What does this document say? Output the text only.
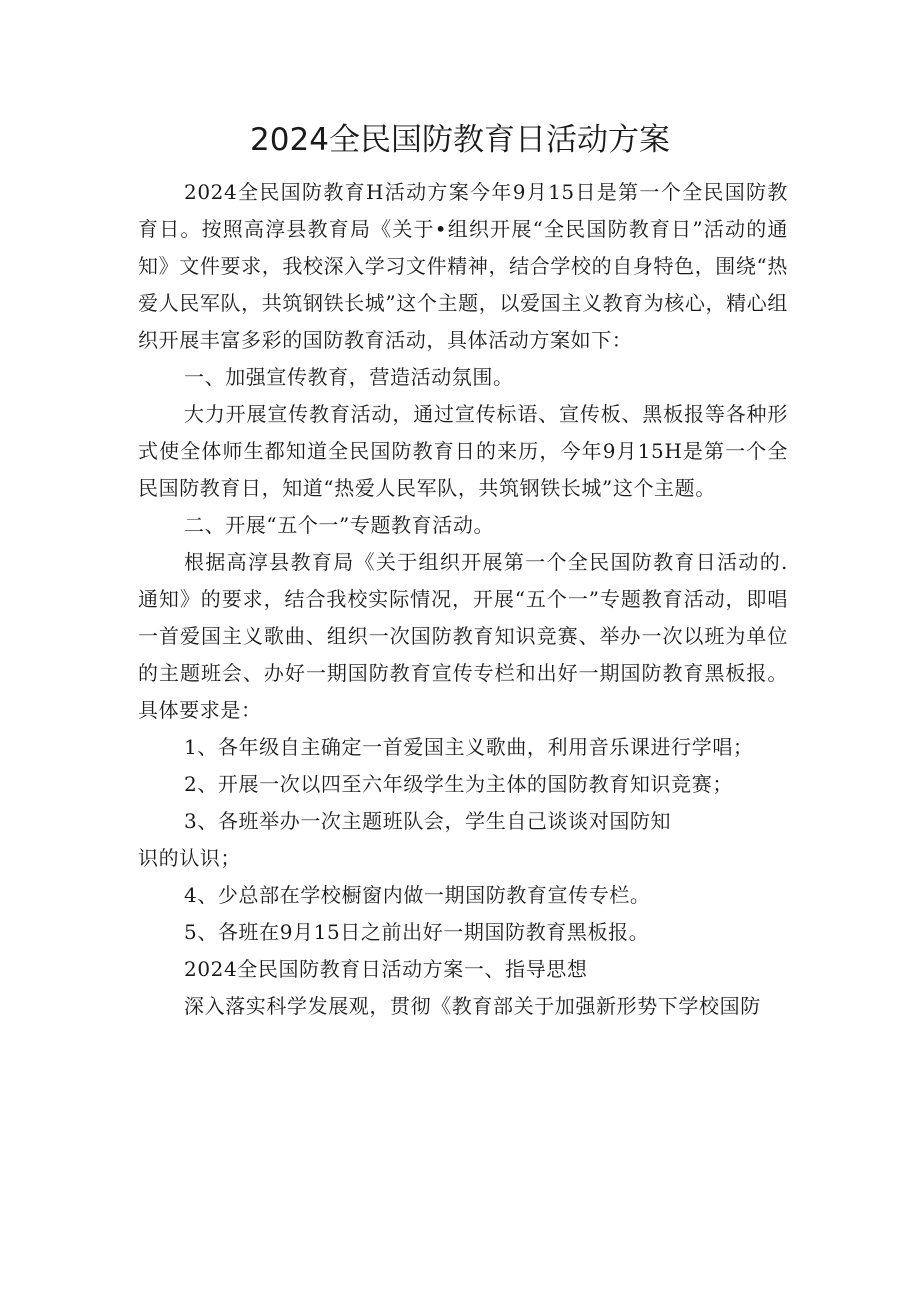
2024全民国防教育日活动方案

2024全民国防教育H活动方案今年9月15日是第一个全民国防教育日。按照高淳县教育局《关于•组织开展“全民国防教育日”活动的通知》文件要求，我校深入学习文件精神，结合学校的自身特色，围绕“热爱人民军队，共筑钢铁长城”这个主题，以爱国主义教育为核心，精心组织开展丰富多彩的国防教育活动，具体活动方案如下：

一、加强宣传教育，营造活动氛围。

大力开展宣传教育活动，通过宣传标语、宣传板、黑板报等各种形式使全体师生都知道全民国防教育日的来历，今年9月15H是第一个全民国防教育日，知道“热爱人民军队，共筑钢铁长城”这个主题。

二、开展“五个一”专题教育活动。

根据高淳县教育局《关于组织开展第一个全民国防教育日活动的.通知》的要求，结合我校实际情况，开展“五个一”专题教育活动，即唱一首爱国主义歌曲、组织一次国防教育知识竞赛、举办一次以班为单位的主题班会、办好一期国防教育宣传专栏和出好一期国防教育黑板报。具体要求是：

1、各年级自主确定一首爱国主义歌曲，利用音乐课进行学唱；

2、开展一次以四至六年级学生为主体的国防教育知识竞赛；

3、各班举办一次主题班队会，学生自己谈谈对国防知

识的认识；

4、少总部在学校橱窗内做一期国防教育宣传专栏。

5、各班在9月15日之前出好一期国防教育黑板报。

2024全民国防教育日活动方案一、指导思想

深入落实科学发展观，贯彻《教育部关于加强新形势下学校国防
